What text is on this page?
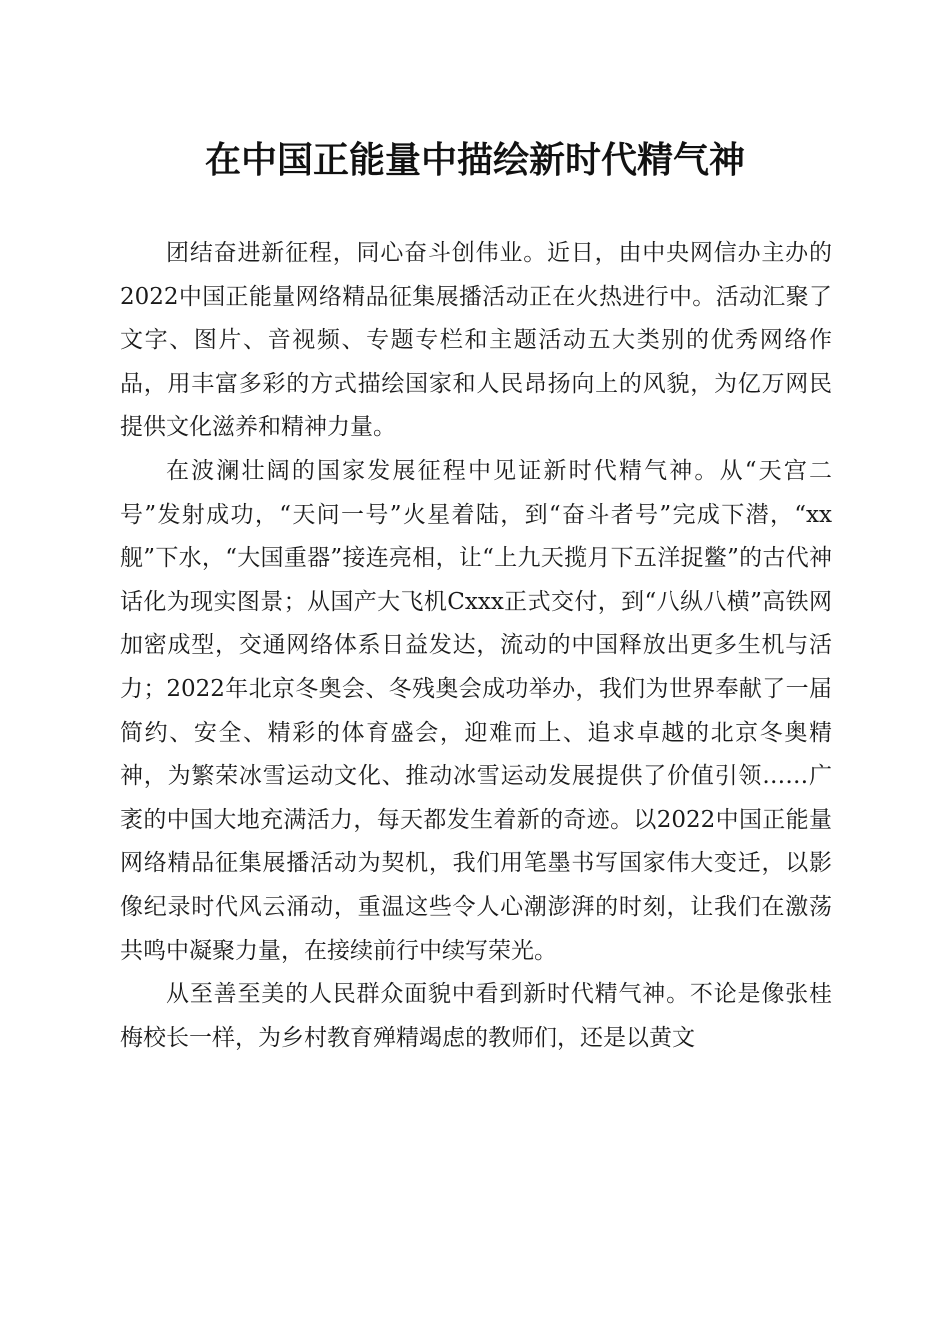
在中国正能量中描绘新时代精气神

团结奋进新征程，同心奋斗创伟业。近日，由中央网信办主办的2022中国正能量网络精品征集展播活动正在火热进行中。活动汇聚了文字、图片、音视频、专题专栏和主题活动五大类别的优秀网络作品，用丰富多彩的方式描绘国家和人民昂扬向上的风貌，为亿万网民提供文化滋养和精神力量。

在波澜壮阔的国家发展征程中见证新时代精气神。从“天宫二号”发射成功，“天问一号”火星着陆，到“奋斗者号”完成下潜，“xx舰”下水，“大国重器”接连亮相，让“上九天揽月下五洋捉鳖”的古代神话化为现实图景；从国产大飞机Cxxx正式交付，到“八纵八横”高铁网加密成型，交通网络体系日益发达，流动的中国释放出更多生机与活力；2022年北京冬奥会、冬残奥会成功举办，我们为世界奉献了一届简约、安全、精彩的体育盛会，迎难而上、追求卓越的北京冬奥精神，为繁荣冰雪运动文化、推动冰雪运动发展提供了价值引领……广袤的中国大地充满活力，每天都发生着新的奇迹。以2022中国正能量网络精品征集展播活动为契机，我们用笔墨书写国家伟大变迁，以影像纪录时代风云涌动，重温这些令人心潮澎湃的时刻，让我们在激荡共鸣中凝聚力量，在接续前行中续写荣光。

从至善至美的人民群众面貌中看到新时代精气神。不论是像张桂梅校长一样，为乡村教育殚精竭虑的教师们，还是以黄文
